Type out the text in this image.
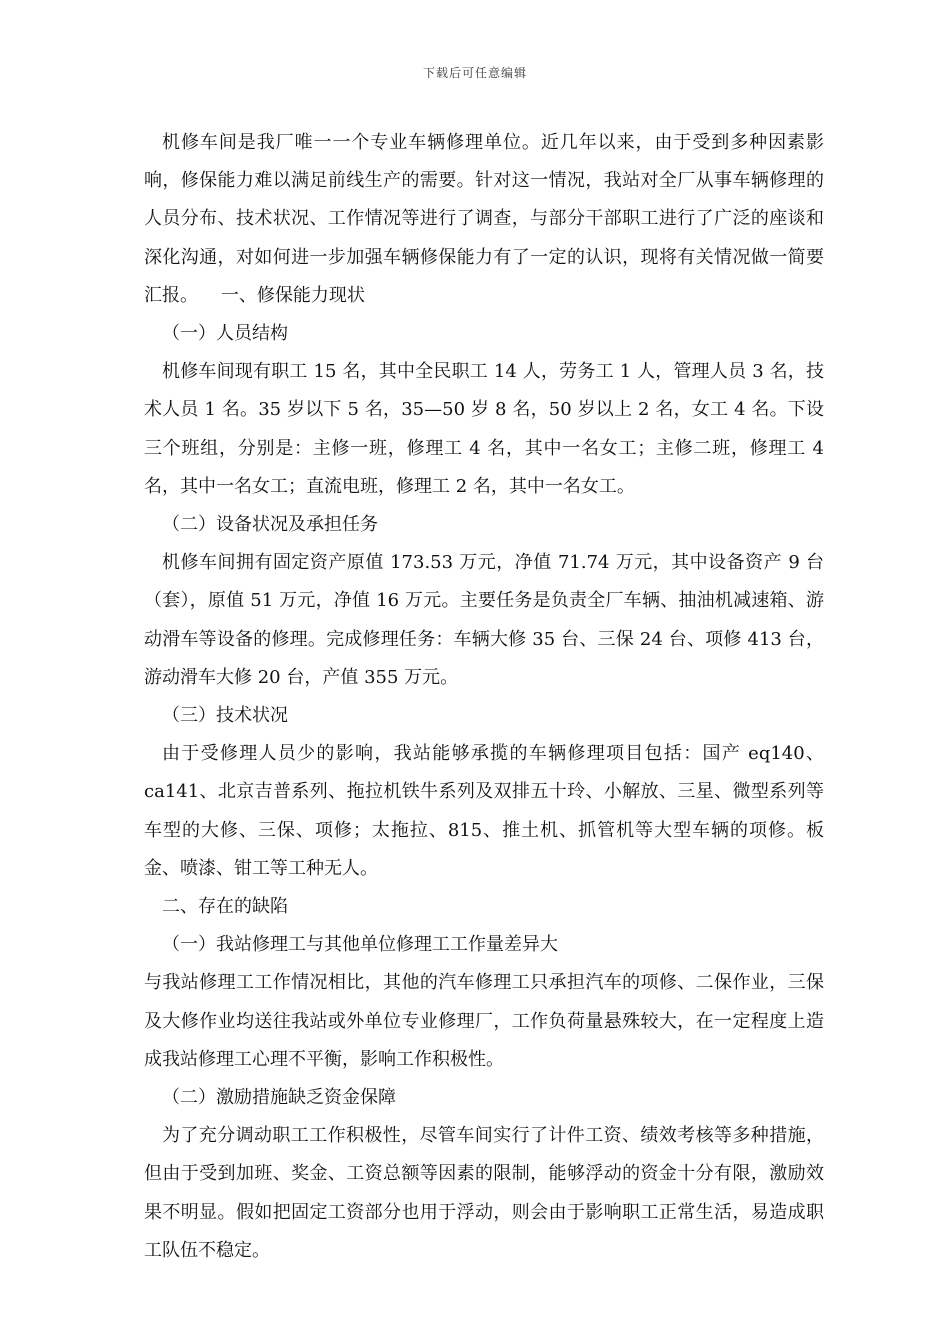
下载后可任意编辑

机修车间是我厂唯一一个专业车辆修理单位。近几年以来，由于受到多种因素影响，修保能力难以满足前线生产的需要。针对这一情况，我站对全厂从事车辆修理的人员分布、技术状况、工作情况等进行了调查，与部分干部职工进行了广泛的座谈和深化沟通，对如何进一步加强车辆修保能力有了一定的认识，现将有关情况做一简要汇报。    一、修保能力现状

（一）人员结构

机修车间现有职工 15 名，其中全民职工 14 人，劳务工 1 人，管理人员 3 名，技术人员 1 名。35 岁以下 5 名，35—50 岁 8 名，50 岁以上 2 名，女工 4 名。下设三个班组，分别是：主修一班，修理工 4 名，其中一名女工；主修二班，修理工 4 名，其中一名女工；直流电班，修理工 2 名，其中一名女工。

（二）设备状况及承担任务

机修车间拥有固定资产原值 173.53 万元，净值 71.74 万元，其中设备资产 9 台（套），原值 51 万元，净值 16 万元。主要任务是负责全厂车辆、抽油机减速箱、游动滑车等设备的修理。完成修理任务：车辆大修 35 台、三保 24 台、项修 413 台，游动滑车大修 20 台，产值 355 万元。

（三）技术状况

由于受修理人员少的影响，我站能够承揽的车辆修理项目包括：国产 eq140、ca141、北京吉普系列、拖拉机铁牛系列及双排五十玲、小解放、三星、微型系列等车型的大修、三保、项修；太拖拉、815、推土机、抓管机等大型车辆的项修。板金、喷漆、钳工等工种无人。

二、存在的缺陷

（一）我站修理工与其他单位修理工工作量差异大

与我站修理工工作情况相比，其他的汽车修理工只承担汽车的项修、二保作业，三保及大修作业均送往我站或外单位专业修理厂，工作负荷量悬殊较大，在一定程度上造成我站修理工心理不平衡，影响工作积极性。

（二）激励措施缺乏资金保障

为了充分调动职工工作积极性，尽管车间实行了计件工资、绩效考核等多种措施，但由于受到加班、奖金、工资总额等因素的限制，能够浮动的资金十分有限，激励效果不明显。假如把固定工资部分也用于浮动，则会由于影响职工正常生活，易造成职工队伍不稳定。
